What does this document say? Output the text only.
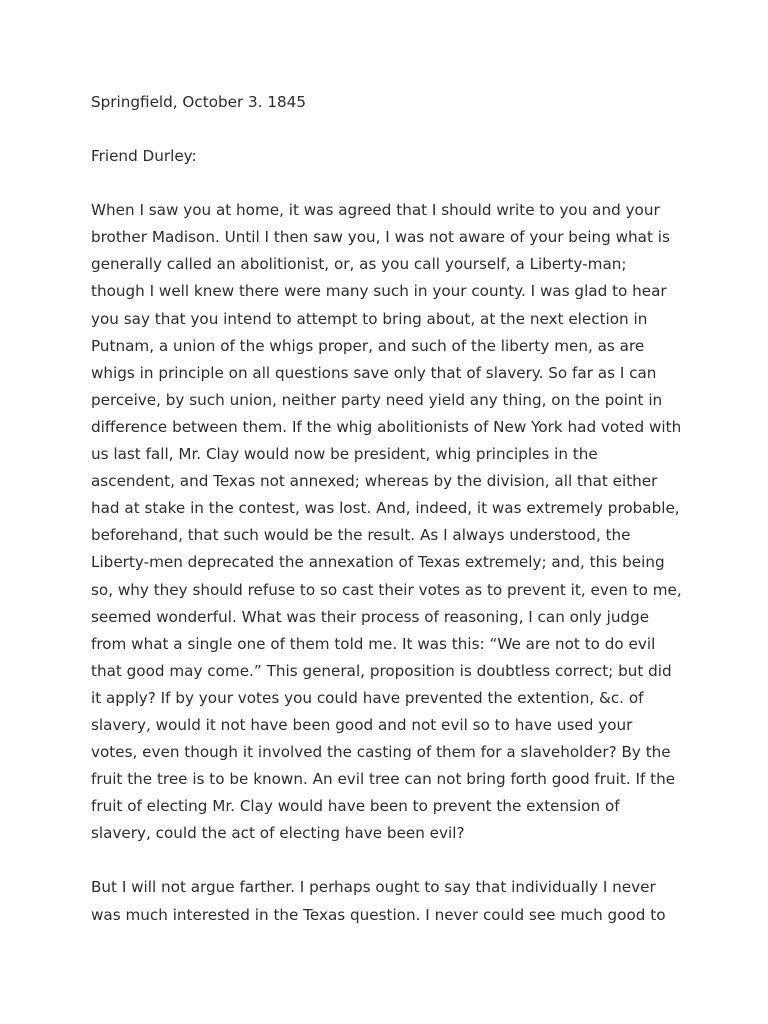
Springfield, October 3. 1845
Friend Durley:
When I saw you at home, it was agreed that I should write to you and your
brother Madison. Until I then saw you, I was not aware of your being what is
generally called an abolitionist, or, as you call yourself, a Liberty-man;
though I well knew there were many such in your county. I was glad to hear
you say that you intend to attempt to bring about, at the next election in
Putnam, a union of the whigs proper, and such of the liberty men, as are
whigs in principle on all questions save only that of slavery. So far as I can
perceive, by such union, neither party need yield any thing, on the point in
difference between them. If the whig abolitionists of New York had voted with
us last fall, Mr. Clay would now be president, whig principles in the
ascendent, and Texas not annexed; whereas by the division, all that either
had at stake in the contest, was lost. And, indeed, it was extremely probable,
beforehand, that such would be the result. As I always understood, the
Liberty-men deprecated the annexation of Texas extremely; and, this being
so, why they should refuse to so cast their votes as to prevent it, even to me,
seemed wonderful. What was their process of reasoning, I can only judge
from what a single one of them told me. It was this: “We are not to do evil
that good may come.” This general, proposition is doubtless correct; but did
it apply? If by your votes you could have prevented the extention, &c. of
slavery, would it not have been good and not evil so to have used your
votes, even though it involved the casting of them for a slaveholder? By the
fruit the tree is to be known. An evil tree can not bring forth good fruit. If the
fruit of electing Mr. Clay would have been to prevent the extension of
slavery, could the act of electing have been evil?
But I will not argue farther. I perhaps ought to say that individually I never
was much interested in the Texas question. I never could see much good to
